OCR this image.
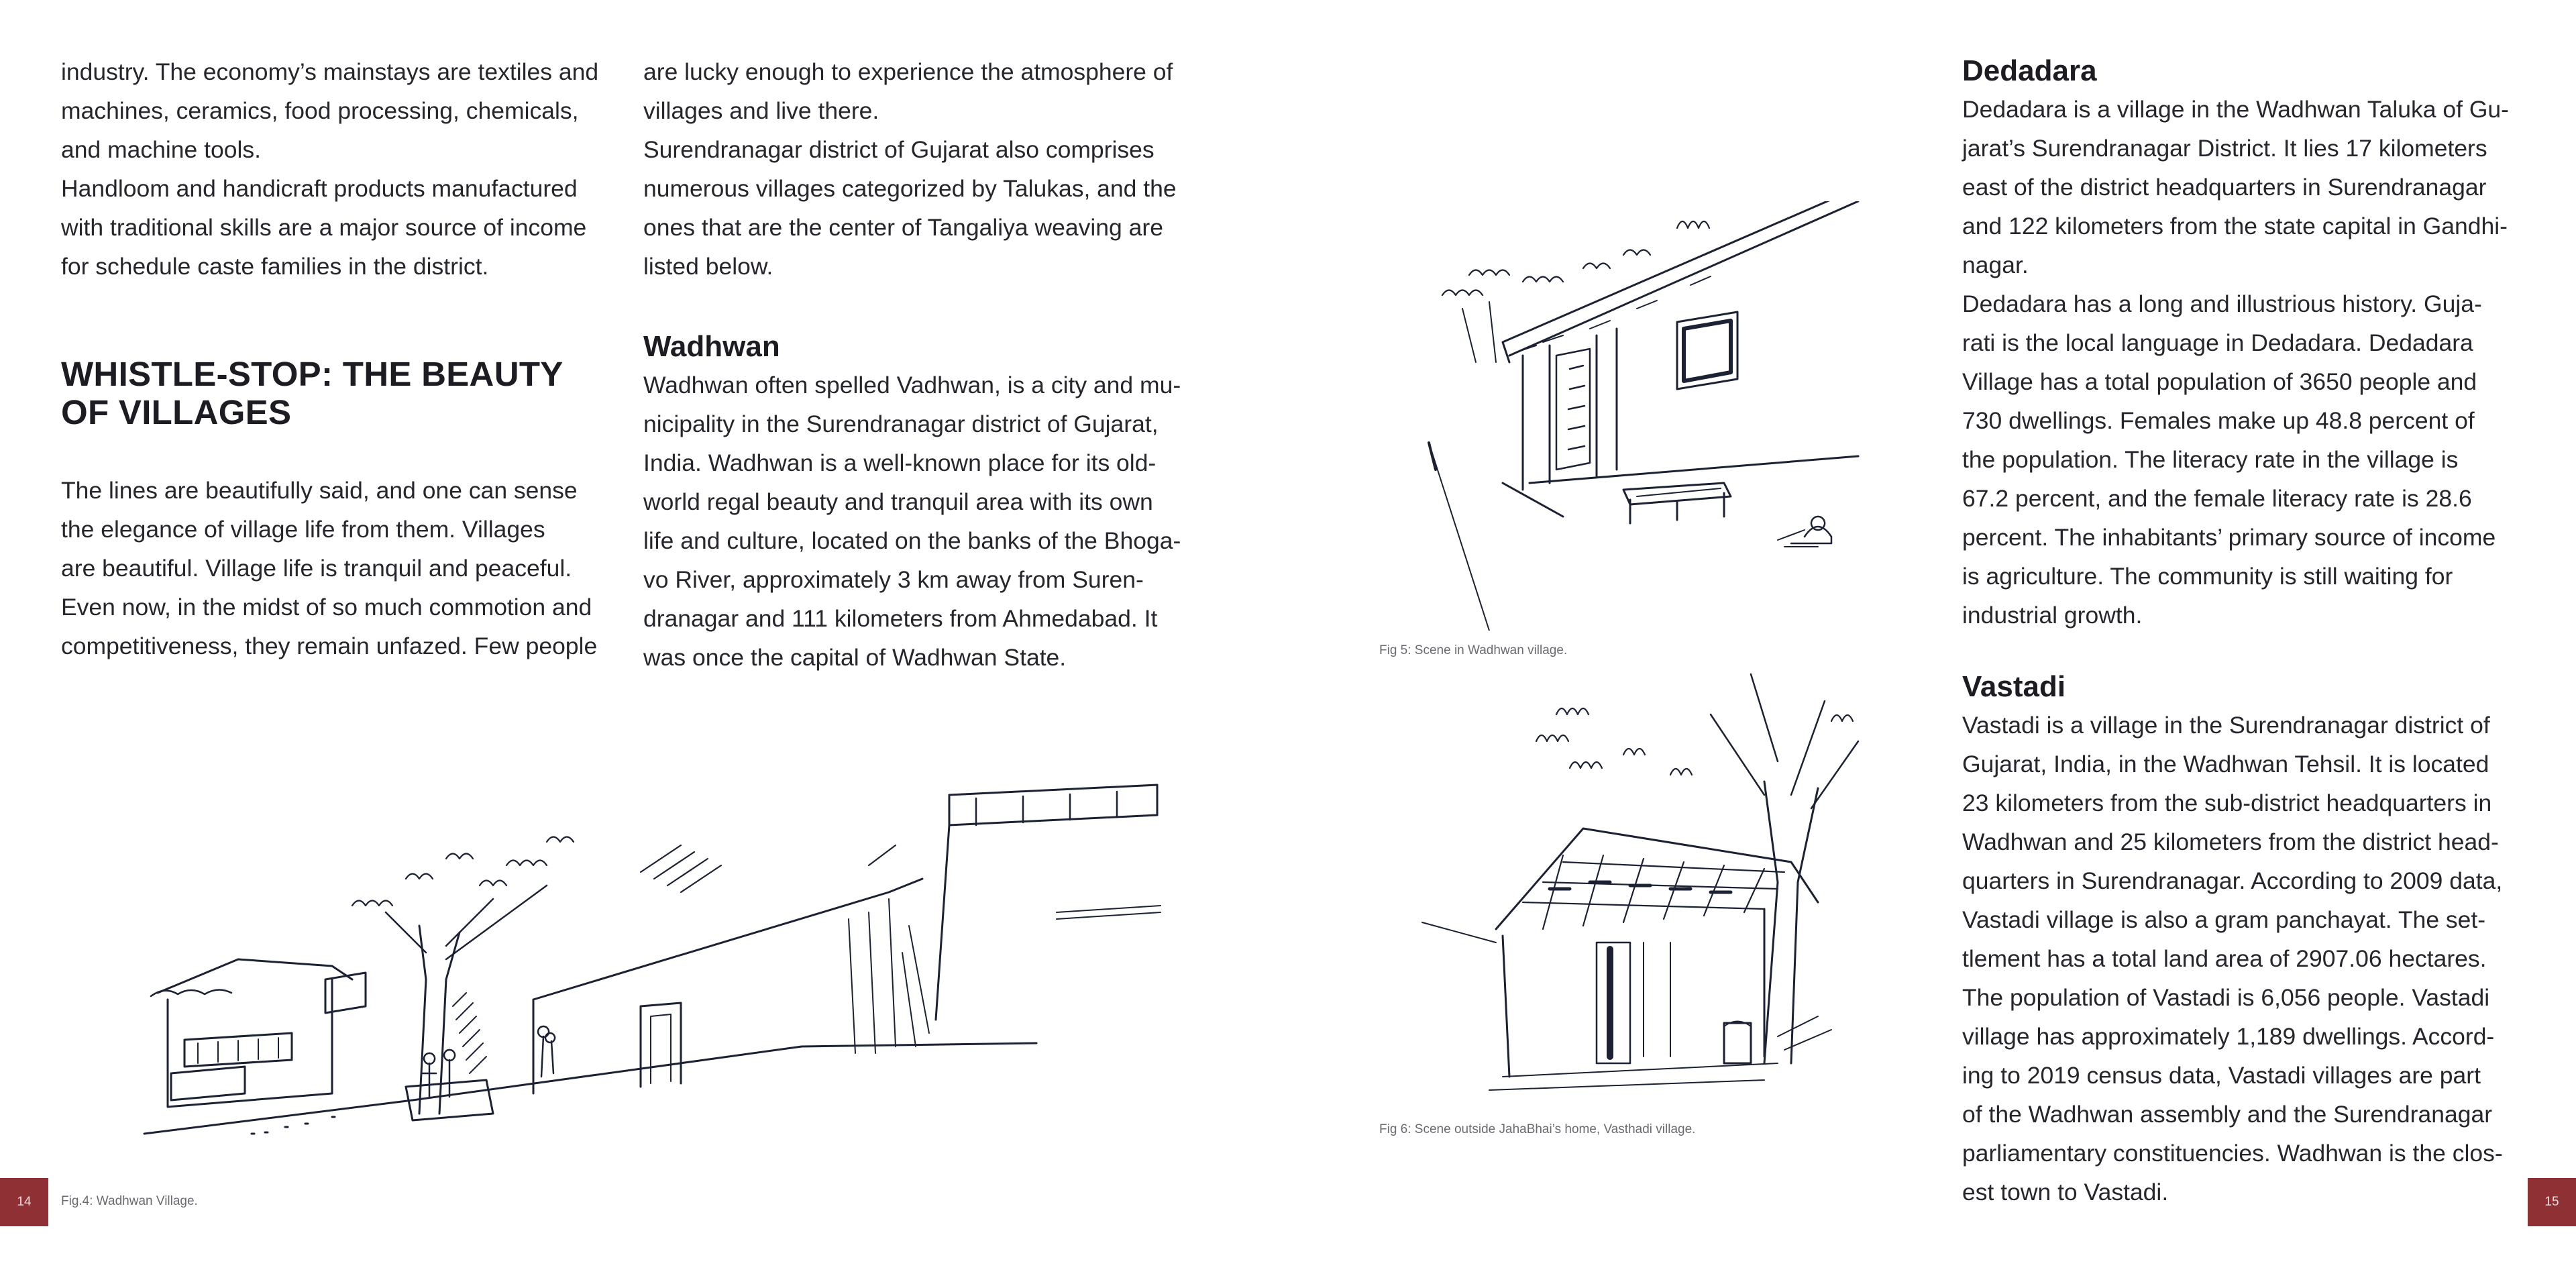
industry. The economy’s mainstays are textiles and

machines, ceramics, food processing, chemicals,

and machine tools.

Handloom and handicraft products manufactured

with traditional skills are a major source of income

for schedule caste families in the district.

WHISTLE-STOP: THE BEAUTY
OF VILLAGES

The lines are beautifully said, and one can sense

the elegance of village life from them. Villages

are beautiful. Village life is tranquil and peaceful.

Even now, in the midst of so much commotion and

competitiveness, they remain unfazed. Few people

are lucky enough to experience the atmosphere of

villages and live there.

Surendranagar district of Gujarat also comprises

numerous villages categorized by Talukas, and the

ones that are the center of Tangaliya weaving are

listed below.

Wadhwan

Wadhwan often spelled Vadhwan, is a city and mu-

nicipality in the Surendranagar district of Gujarat,

India. Wadhwan is a well-known place for its old-

world regal beauty and tranquil area with its own

life and culture, located on the banks of the Bhoga-

vo River, approximately 3 km away from Suren-

dranagar and 111 kilometers from Ahmedabad. It

was once the capital of Wadhwan State.

Fig.4: Wadhwan Village.
14
Fig 5: Scene in Wadhwan village.
Fig 6: Scene outside JahaBhai’s home, Vasthadi village.
Dedadara

Dedadara is a village in the Wadhwan Taluka of Gu-

jarat’s Surendranagar District. It lies 17 kilometers

east of the district headquarters in Surendranagar

and 122 kilometers from the state capital in Gandhi-

nagar.

Dedadara has a long and illustrious history. Guja-

rati is the local language in Dedadara. Dedadara

Village has a total population of 3650 people and

730 dwellings. Females make up 48.8 percent of

the population. The literacy rate in the village is

67.2 percent, and the female literacy rate is 28.6

percent. The inhabitants’ primary source of income

is agriculture. The community is still waiting for

industrial growth.

Vastadi

Vastadi is a village in the Surendranagar district of

Gujarat, India, in the Wadhwan Tehsil. It is located

23 kilometers from the sub-district headquarters in

Wadhwan and 25 kilometers from the district head-

quarters in Surendranagar. According to 2009 data,

Vastadi village is also a gram panchayat. The set-

tlement has a total land area of 2907.06 hectares.

The population of Vastadi is 6,056 people. Vastadi

village has approximately 1,189 dwellings. Accord-

ing to 2019 census data, Vastadi villages are part

of the Wadhwan assembly and the Surendranagar

parliamentary constituencies. Wadhwan is the clos-

est town to Vastadi.	15
